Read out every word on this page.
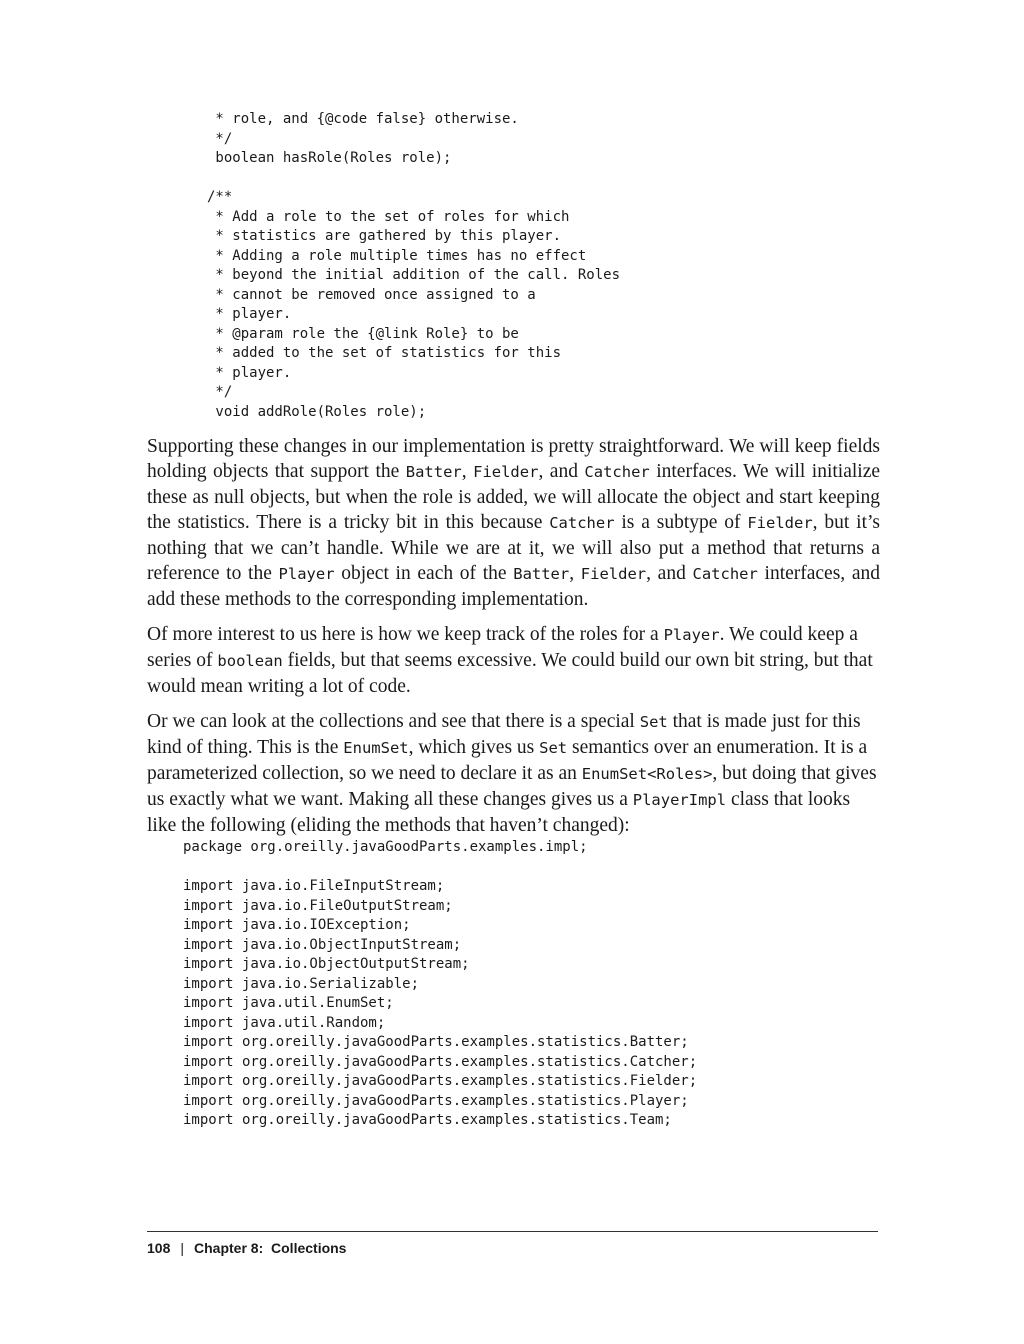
* role, and {@code false} otherwise.
*/
boolean hasRole(Roles role);

/**
* Add a role to the set of roles for which
* statistics are gathered by this player.
* Adding a role multiple times has no effect
* beyond the initial addition of the call. Roles
* cannot be removed once assigned to a
* player.
* @param role the {@link Role} to be
* added to the set of statistics for this
* player.
*/
void addRole(Roles role);

Supporting these changes in our implementation is pretty straightforward. We will keep fields holding objects that support the Batter, Fielder, and Catcher interfaces. We will initialize these as null objects, but when the role is added, we will allocate the object and start keeping the statistics. There is a tricky bit in this because Catcher is a subtype of Fielder, but it’s nothing that we can’t handle. While we are at it, we will also put a method that returns a reference to the Player object in each of the Batter, Fielder, and Catcher interfaces, and add these methods to the corresponding implementation.

Of more interest to us here is how we keep track of the roles for a Player. We could keep a series of boolean fields, but that seems excessive. We could build our own bit string, but that would mean writing a lot of code.

Or we can look at the collections and see that there is a special Set that is made just for this kind of thing. This is the EnumSet, which gives us Set semantics over an enumeration. It is a parameterized collection, so we need to declare it as an EnumSet<Roles>, but doing that gives us exactly what we want. Making all these changes gives us a PlayerImpl class that looks like the following (eliding the methods that haven’t changed):

package org.oreilly.javaGoodParts.examples.impl;

import java.io.FileInputStream;
import java.io.FileOutputStream;
import java.io.IOException;
import java.io.ObjectInputStream;
import java.io.ObjectOutputStream;
import java.io.Serializable;
import java.util.EnumSet;
import java.util.Random;
import org.oreilly.javaGoodParts.examples.statistics.Batter;
import org.oreilly.javaGoodParts.examples.statistics.Catcher;
import org.oreilly.javaGoodParts.examples.statistics.Fielder;
import org.oreilly.javaGoodParts.examples.statistics.Player;
import org.oreilly.javaGoodParts.examples.statistics.Team;
108 | Chapter 8:  Collections
